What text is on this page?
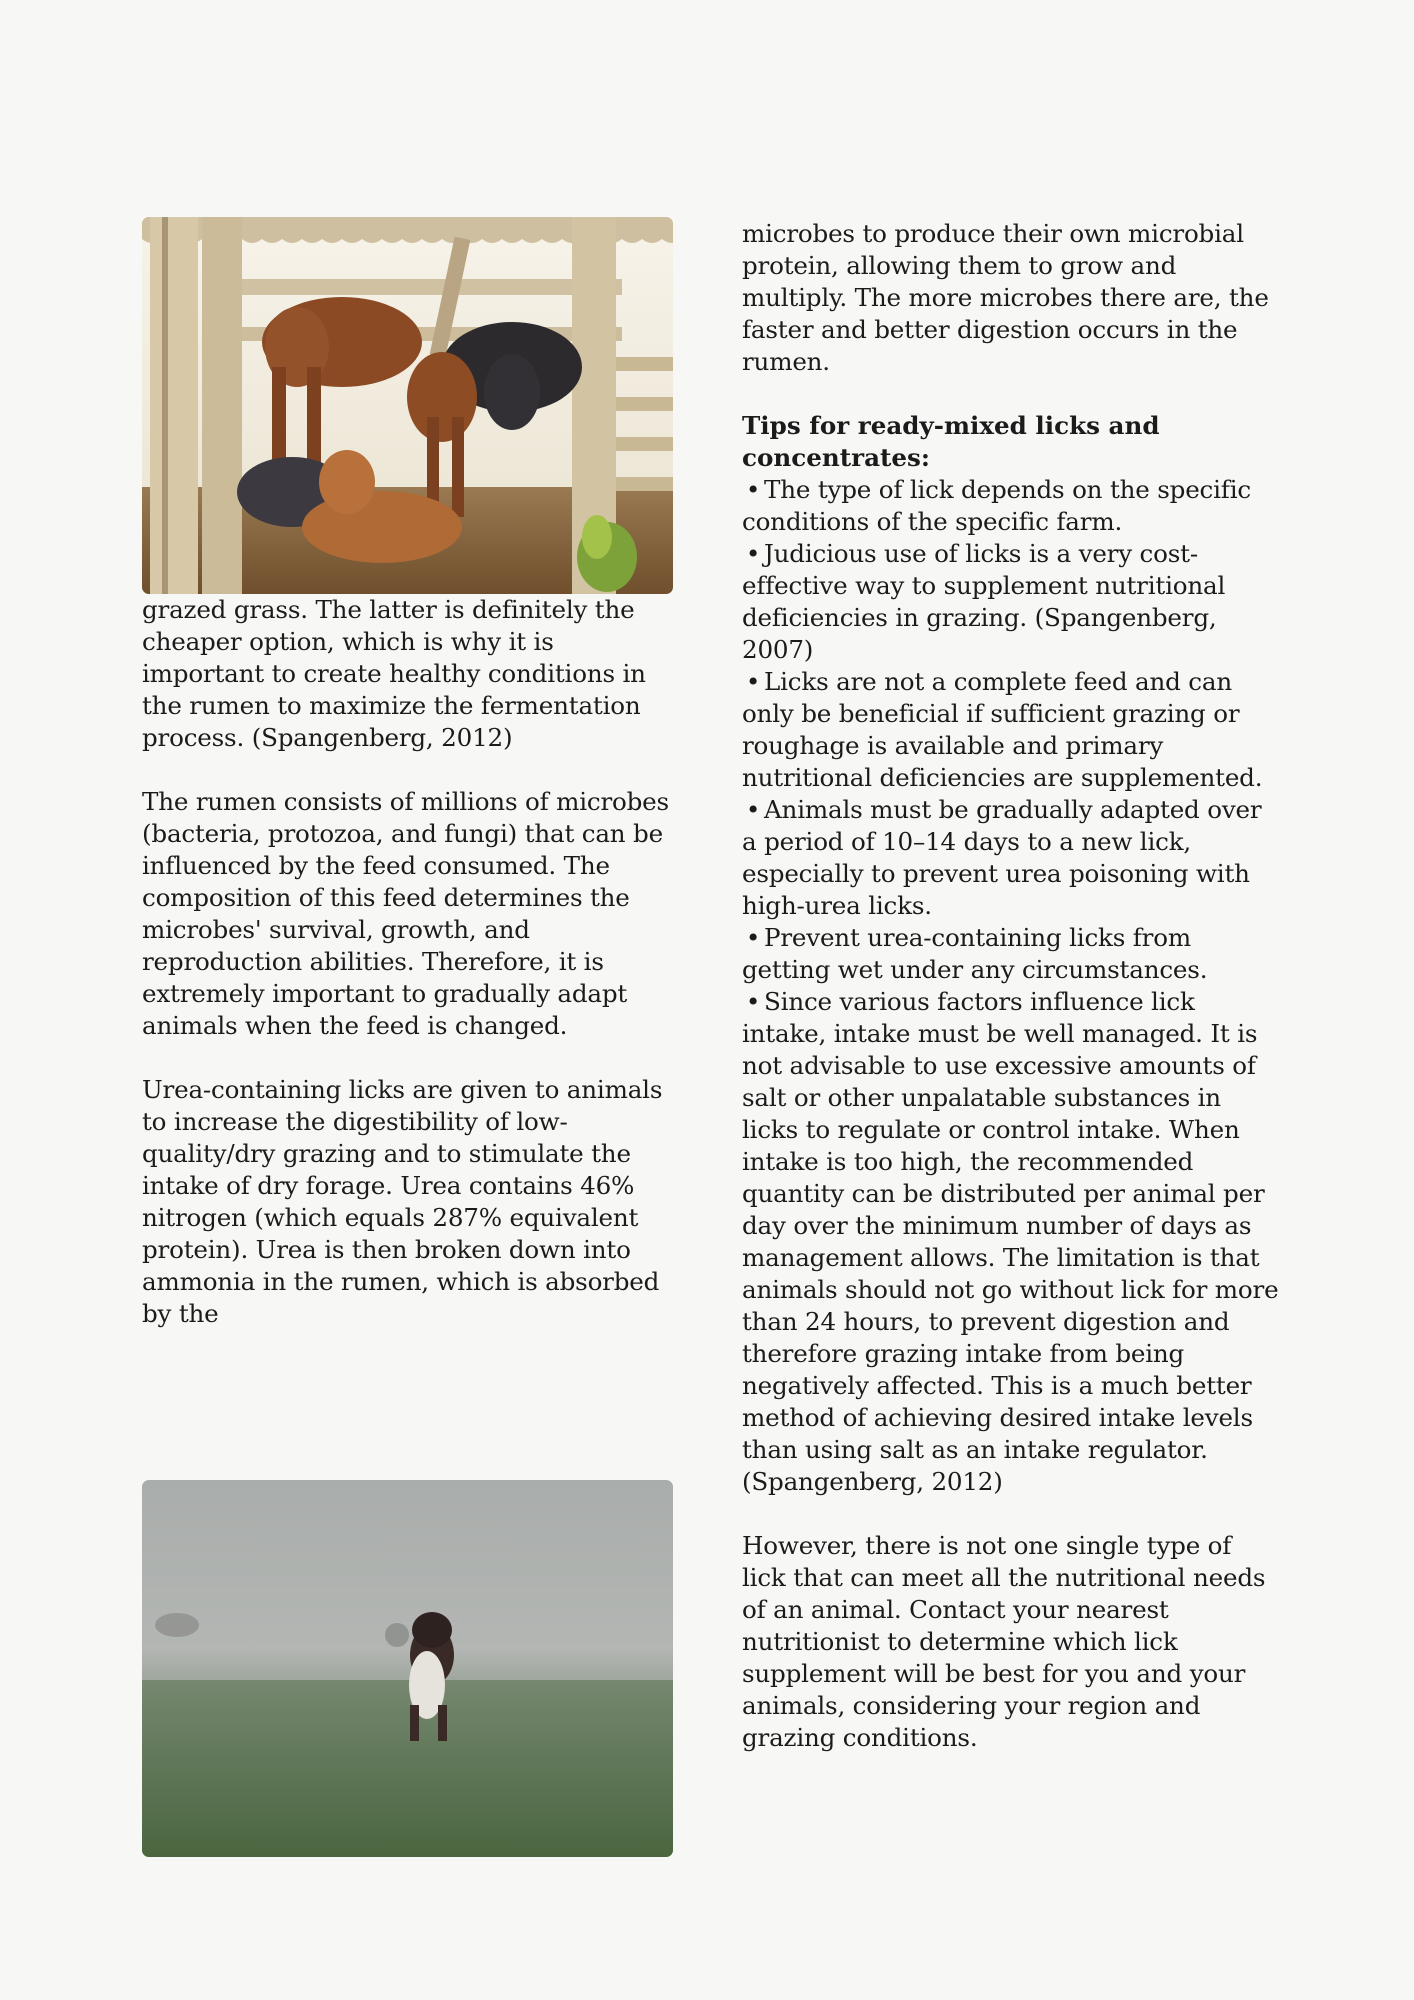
grazed grass. The latter is definitely the cheaper option, which is why it is important to create healthy conditions in the rumen to maximize the fermentation process. (Spangenberg, 2012)

The rumen consists of millions of microbes (bacteria, protozoa, and fungi) that can be influenced by the feed consumed. The composition of this feed determines the microbes' survival, growth, and reproduction abilities. Therefore, it is extremely important to gradually adapt animals when the feed is changed.

Urea-containing licks are given to animals to increase the digestibility of low-quality/dry grazing and to stimulate the intake of dry forage. Urea contains 46% nitrogen (which equals 287% equivalent protein). Urea is then broken down into ammonia in the rumen, which is absorbed by the

microbes to produce their own microbial protein, allowing them to grow and multiply. The more microbes there are, the faster and better digestion occurs in the rumen.

Tips for ready-mixed licks and concentrates:

• The type of lick depends on the specific conditions of the specific farm.
• Judicious use of licks is a very cost-effective way to supplement nutritional deficiencies in grazing. (Spangenberg, 2007)
• Licks are not a complete feed and can only be beneficial if sufficient grazing or roughage is available and primary nutritional deficiencies are supplemented.
• Animals must be gradually adapted over a period of 10–14 days to a new lick, especially to prevent urea poisoning with high-urea licks.
• Prevent urea-containing licks from getting wet under any circumstances.
• Since various factors influence lick intake, intake must be well managed. It is not advisable to use excessive amounts of salt or other unpalatable substances in licks to regulate or control intake. When intake is too high, the recommended quantity can be distributed per animal per day over the minimum number of days as management allows. The limitation is that animals should not go without lick for more than 24 hours, to prevent digestion and therefore grazing intake from being negatively affected. This is a much better method of achieving desired intake levels than using salt as an intake regulator. (Spangenberg, 2012)

However, there is not one single type of lick that can meet all the nutritional needs of an animal. Contact your nearest nutritionist to determine which lick supplement will be best for you and your animals, considering your region and grazing conditions.
